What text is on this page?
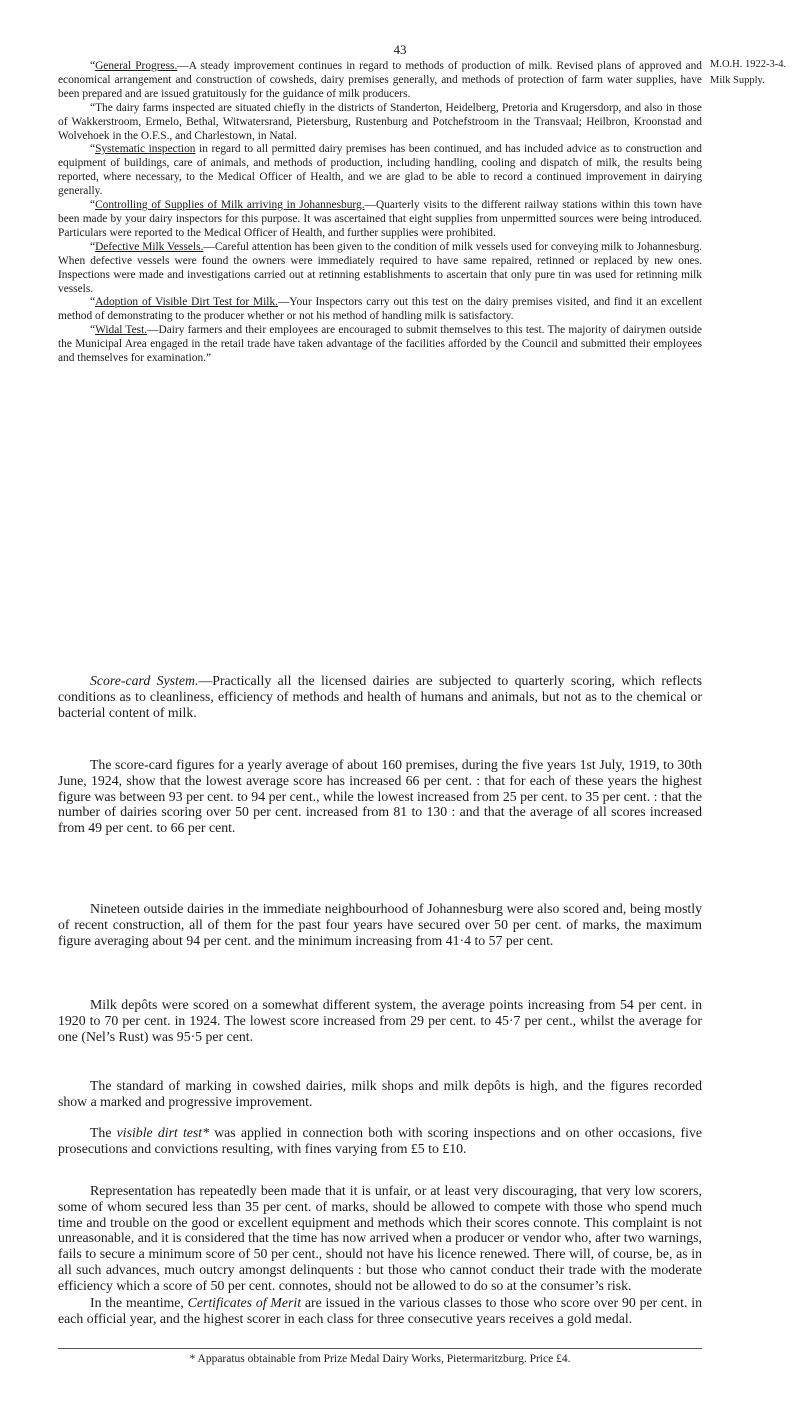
43
M.O.H. 1922-3-4.
Milk Supply.

“General Progress.—A steady improvement continues in regard to methods of production of milk. Revised plans of approved and economical arrangement and construction of cowsheds, dairy premises generally, and methods of protection of farm water supplies, have been prepared and are issued gratuitously for the guidance of milk producers.

“The dairy farms inspected are situated chiefly in the districts of Standerton, Heidelberg, Pretoria and Krugersdorp, and also in those of Wakkerstroom, Ermelo, Bethal, Witwatersrand, Pietersburg, Rustenburg and Potchefstroom in the Transvaal; Heilbron, Kroonstad and Wolvehoek in the O.F.S., and Charlestown, in Natal.

“Systematic inspection in regard to all permitted dairy premises has been continued, and has included advice as to construction and equipment of buildings, care of animals, and methods of production, including handling, cooling and dispatch of milk, the results being reported, where necessary, to the Medical Officer of Health, and we are glad to be able to record a continued improvement in dairying generally.

“Controlling of Supplies of Milk arriving in Johannesburg.—Quarterly visits to the different railway stations within this town have been made by your dairy inspectors for this purpose. It was ascertained that eight supplies from unpermitted sources were being introduced. Particulars were reported to the Medical Officer of Health, and further supplies were prohibited.

“Defective Milk Vessels.—Careful attention has been given to the condition of milk vessels used for conveying milk to Johannesburg. When defective vessels were found the owners were immediately required to have same repaired, retinned or replaced by new ones. Inspections were made and investigations carried out at retinning establishments to ascertain that only pure tin was used for retinning milk vessels.

“Adoption of Visible Dirt Test for Milk.—Your Inspectors carry out this test on the dairy premises visited, and find it an excellent method of demonstrating to the producer whether or not his method of handling milk is satisfactory.

“Widal Test.—Dairy farmers and their employees are encouraged to submit themselves to this test. The majority of dairymen outside the Municipal Area engaged in the retail trade have taken advantage of the facilities afforded by the Council and submitted their employees and themselves for examination.”

Score-card System.—Practically all the licensed dairies are subjected to quarterly scoring, which reflects conditions as to cleanliness, efficiency of methods and health of humans and animals, but not as to the chemical or bacterial content of milk.

The score-card figures for a yearly average of about 160 premises, during the five years 1st July, 1919, to 30th June, 1924, show that the lowest average score has increased 66 per cent. : that for each of these years the highest figure was between 93 per cent. to 94 per cent., while the lowest increased from 25 per cent. to 35 per cent. : that the number of dairies scoring over 50 per cent. increased from 81 to 130 : and that the average of all scores increased from 49 per cent. to 66 per cent.

Nineteen outside dairies in the immediate neighbourhood of Johannesburg were also scored and, being mostly of recent construction, all of them for the past four years have secured over 50 per cent. of marks, the maximum figure averaging about 94 per cent. and the minimum increasing from 41·4 to 57 per cent.

Milk depôts were scored on a somewhat different system, the average points increasing from 54 per cent. in 1920 to 70 per cent. in 1924. The lowest score increased from 29 per cent. to 45·7 per cent., whilst the average for one (Nel’s Rust) was 95·5 per cent.

The standard of marking in cowshed dairies, milk shops and milk depôts is high, and the figures recorded show a marked and progressive improvement.

The visible dirt test* was applied in connection both with scoring inspections and on other occasions, five prosecutions and convictions resulting, with fines varying from £5 to £10.

Representation has repeatedly been made that it is unfair, or at least very discouraging, that very low scorers, some of whom secured less than 35 per cent. of marks, should be allowed to compete with those who spend much time and trouble on the good or excellent equipment and methods which their scores connote. This complaint is not unreasonable, and it is considered that the time has now arrived when a producer or vendor who, after two warnings, fails to secure a minimum score of 50 per cent., should not have his licence renewed. There will, of course, be, as in all such advances, much outcry amongst delinquents : but those who cannot conduct their trade with the moderate efficiency which a score of 50 per cent. connotes, should not be allowed to do so at the consumer’s risk.

In the meantime, Certificates of Merit are issued in the various classes to those who score over 90 per cent. in each official year, and the highest scorer in each class for three consecutive years receives a gold medal.

* Apparatus obtainable from Prize Medal Dairy Works, Pietermaritzburg. Price £4.
